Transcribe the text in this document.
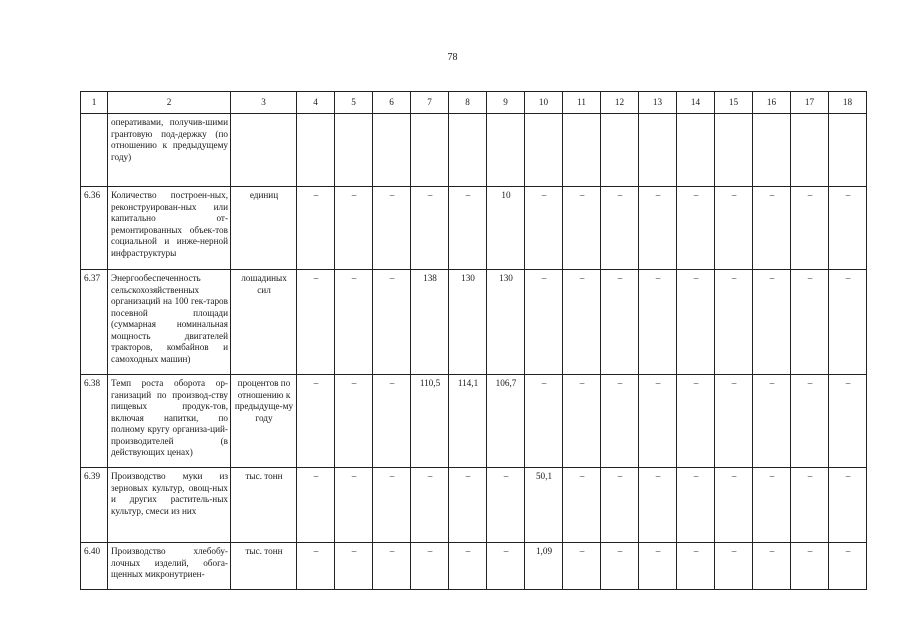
78
1	2	3	4	5	6	7	8	9	10	11	12	13	14	15	16	17	18
	оперативами, получив-шими грантовую под-держку (по отношению к предыдущему году)																
6.36	Количество построен-ных, реконструирован-ных или капитально от-ремонтированных объек-тов социальной и инже-нерной инфраструктуры	единиц	–	–	–	–	–	10	–	–	–	–	–	–	–	–	–
6.37	Энергообеспеченность сельскохозяйственных организаций на 100 гек-таров посевной площади (суммарная номинальная мощность двигателей тракторов, комбайнов и самоходных машин)	лошадиных сил	–	–	–	138	130	130	–	–	–	–	–	–	–	–	–
6.38	Темп роста оборота ор-ганизаций по производ-ству пищевых продук-тов, включая напитки, по полному кругу организа-ций-производителей (в действующих ценах)	процентов по отношению к предыдуще-му году	–	–	–	110,5	114,1	106,7	–	–	–	–	–	–	–	–	–
6.39	Производство муки из зерновых культур, овощ-ных и других раститель-ных культур, смеси из них	тыс. тонн	–	–	–	–	–	–	50,1	–	–	–	–	–	–	–	–
6.40	Производство хлебобу-лочных изделий, обога-щенных микронутриен-	тыс. тонн	–	–	–	–	–	–	1,09	–	–	–	–	–	–	–	–
